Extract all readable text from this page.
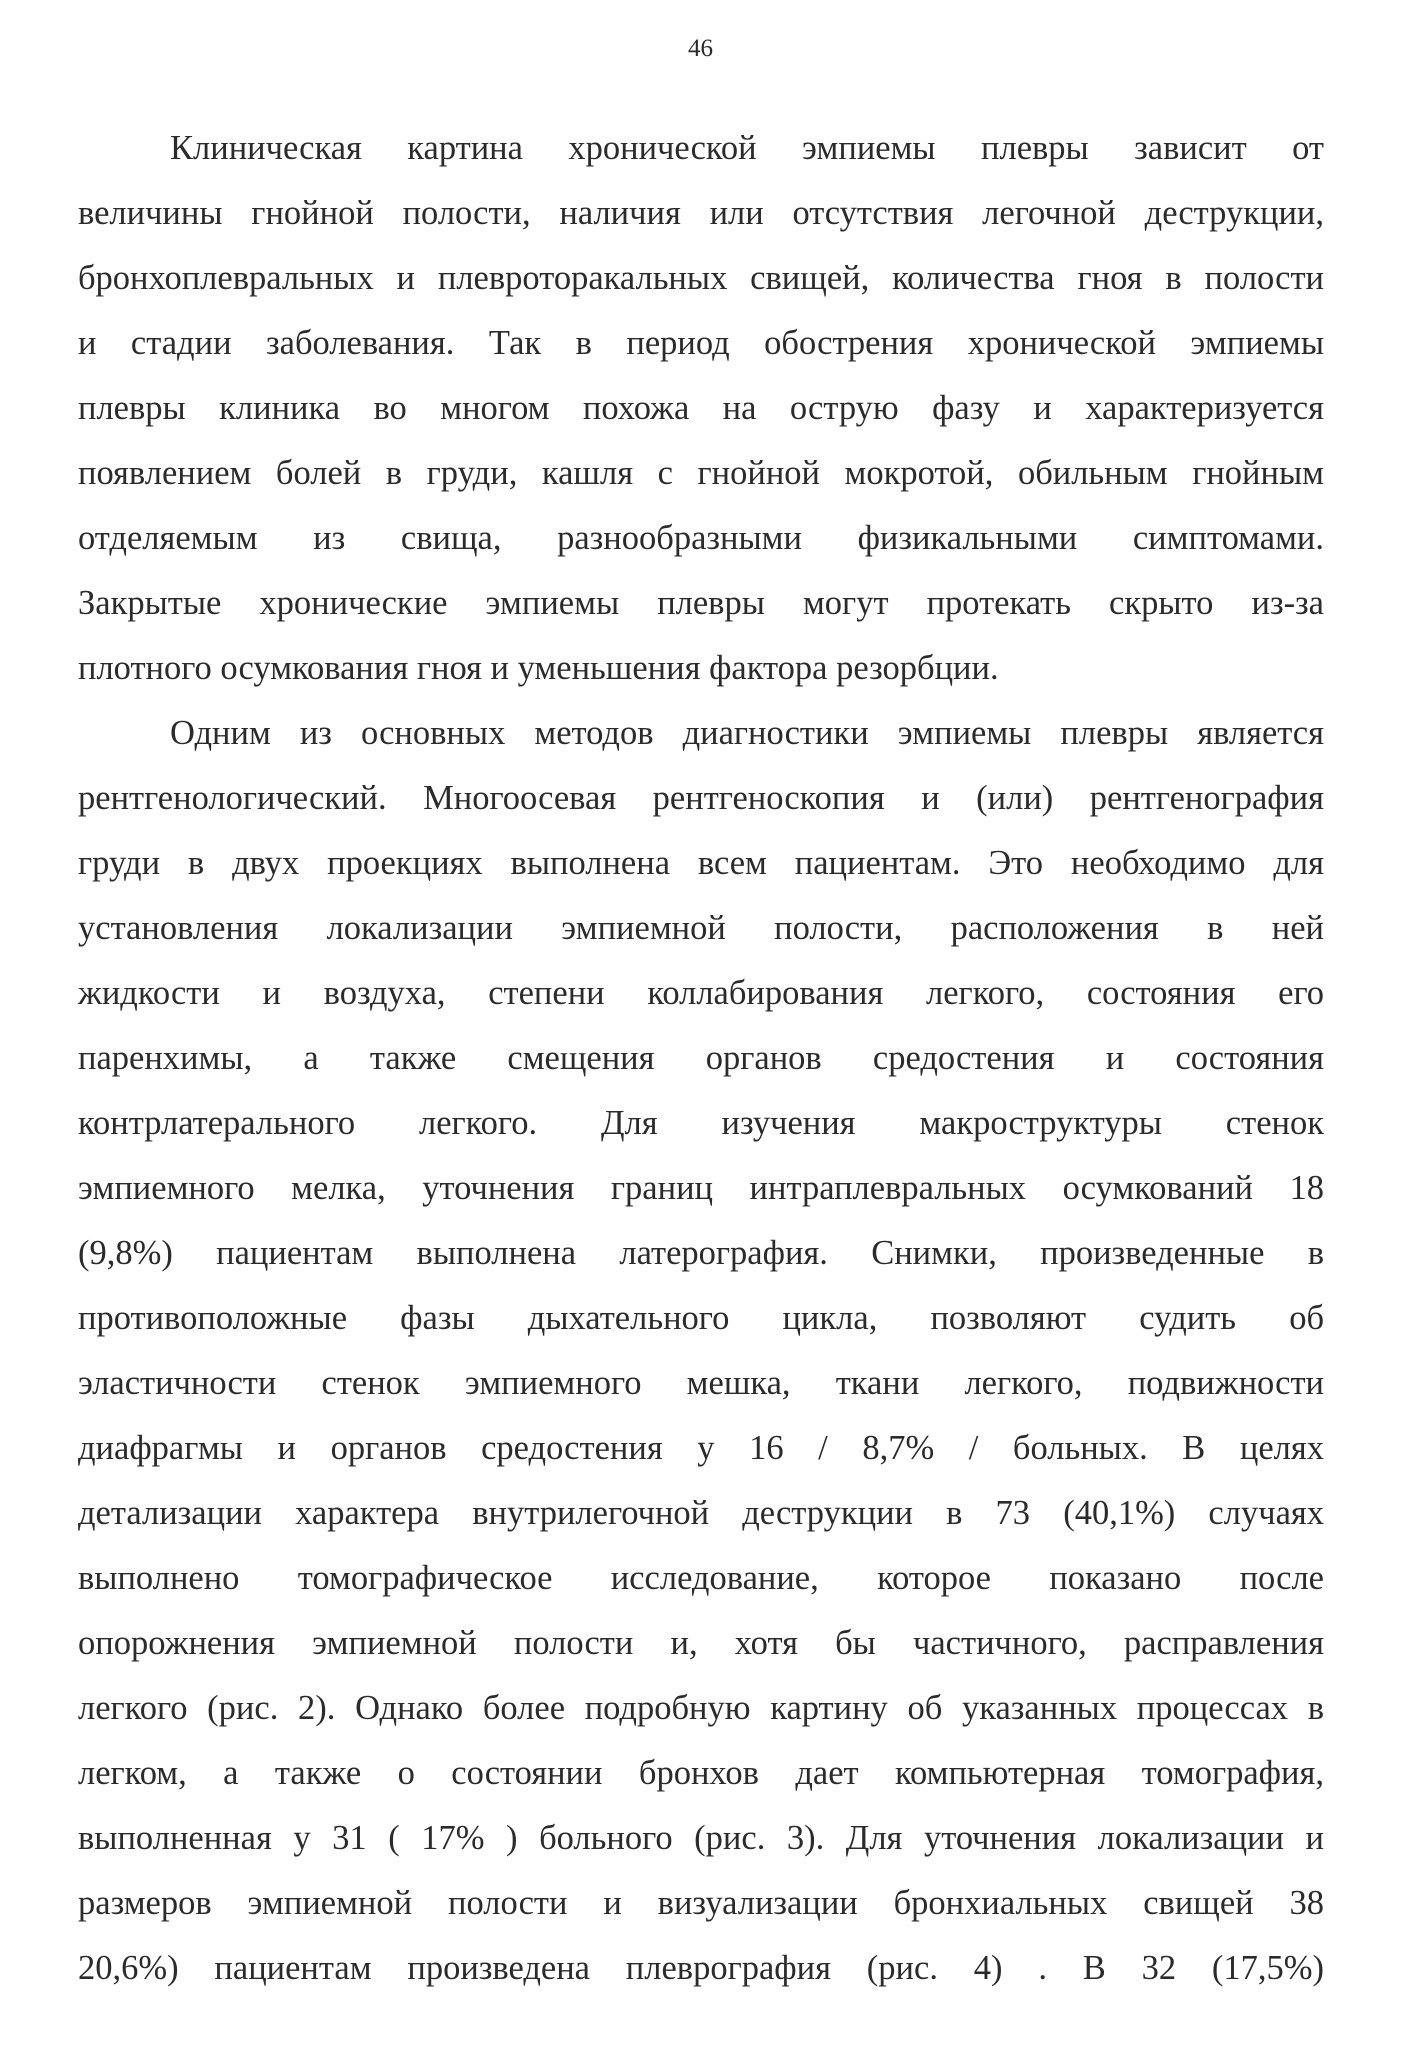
46
Клиническая картина хронической эмпиемы плевры зависит от
величины гнойной полости, наличия или отсутствия легочной деструкции,
бронхоплевральных и плевроторакальных свищей, количества гноя в полости
и стадии заболевания. Так в период обострения хронической эмпиемы
плевры клиника во многом похожа на острую фазу и характеризуется
появлением болей в груди, кашля с гнойной мокротой, обильным гнойным
отделяемым из свища, разнообразными физикальными симптомами.
Закрытые хронические эмпиемы плевры могут протекать скрыто из-за
плотного осумкования гноя и уменьшения фактора резорбции.
Одним из основных методов диагностики эмпиемы плевры является
рентгенологический. Многоосевая рентгеноскопия и (или) рентгенография
груди в двух проекциях выполнена всем пациентам. Это необходимо для
установления локализации эмпиемной полости, расположения в ней
жидкости и воздуха, степени коллабирования легкого, состояния его
паренхимы, а также смещения органов средостения и состояния
контрлатерального легкого. Для изучения макроструктуры стенок
эмпиемного мелка, уточнения границ интраплевральных осумкований 18
(9,8%) пациентам выполнена латерография. Снимки, произведенные в
противоположные фазы дыхательного цикла, позволяют судить об
эластичности стенок эмпиемного мешка, ткани легкого, подвижности
диафрагмы и органов средостения у 16 / 8,7% / больных. В целях
детализации характера внутрилегочной деструкции в 73 (40,1%) случаях
выполнено томографическое исследование, которое показано после
опорожнения эмпиемной полости и, хотя бы частичного, расправления
легкого (рис. 2). Однако более подробную картину об указанных процессах в
легком, а также о состоянии бронхов дает компьютерная томография,
выполненная у 31 ( 17% ) больного (рис. 3). Для уточнения локализации и
размеров эмпиемной полости и визуализации бронхиальных свищей 38
20,6%) пациентам произведена плеврография (рис. 4) . В 32 (17,5%)
